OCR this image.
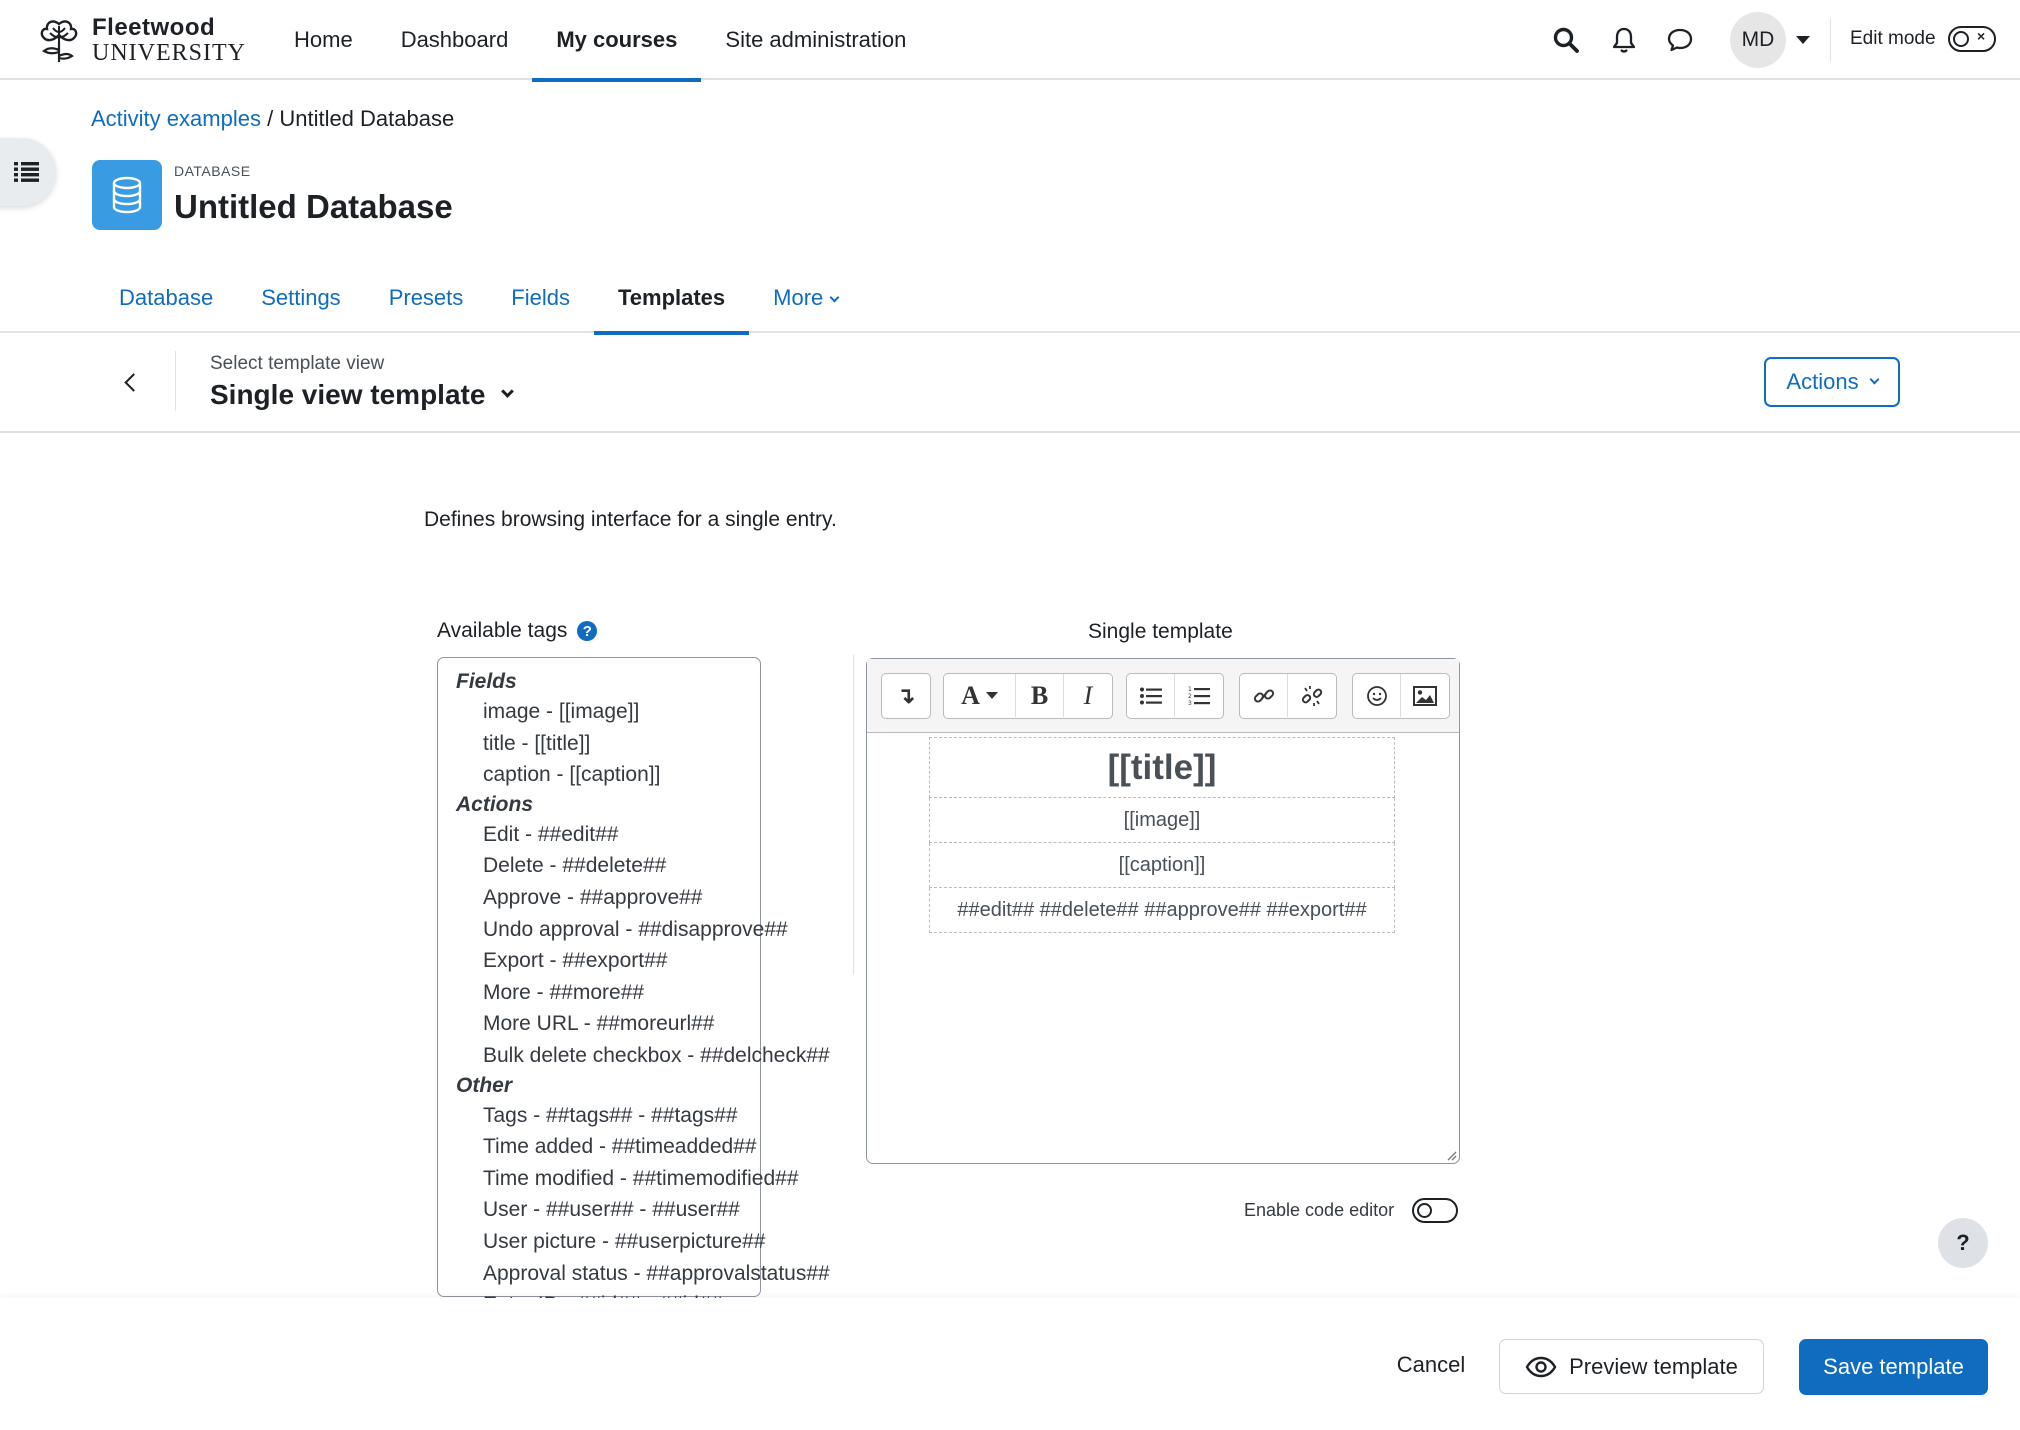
Fleetwood
UNIVERSITY
Home	Dashboard	My courses	Site administration	MD	Edit mode	×
Activity examples / Untitled Database
DATABASE
Untitled Database
Database	Settings	Presets	Fields	Templates	More
Select template view
Single view template	Actions
Defines browsing interface for a single entry.
Available tags	?
Fields
image - [[image]]
title - [[title]]
caption - [[caption]]
Actions
Edit - ##edit##
Delete - ##delete##
Approve - ##approve##
Undo approval - ##disapprove##
Export - ##export##
More - ##more##
More URL - ##moreurl##
Bulk delete checkbox - ##delcheck##
Other
Tags - ##tags## - ##tags##
Time added - ##timeadded##
Time modified - ##timemodified##
User - ##user## - ##user##
User picture - ##userpicture##
Approval status - ##approvalstatus##
Single template
↴	A	B	I	1
2
3
[[title]]
[[image]]
[[caption]]
##edit## ##delete## ##approve## ##export##
Enable code editor
?
Cancel	Preview template	Save template
